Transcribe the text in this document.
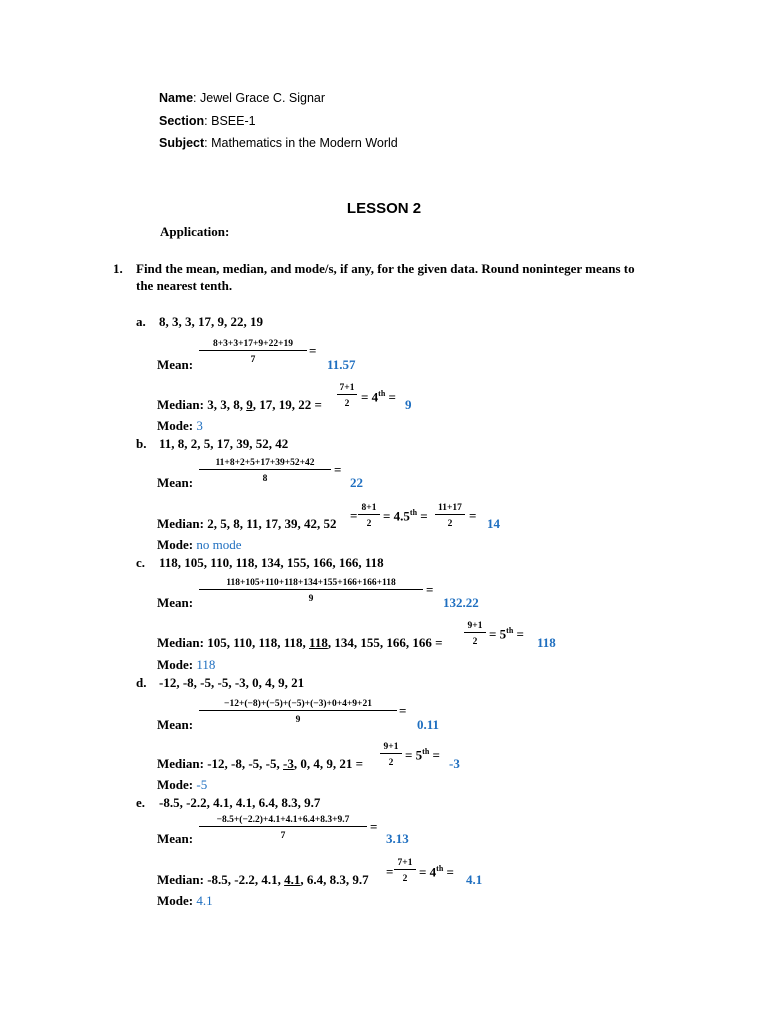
Name: Jewel Grace C. Signar
Section: BSEE-1
Subject: Mathematics in the Modern World
LESSON 2
Application:
1. Find the mean, median, and mode/s, if any, for the given data. Round noninteger means to
the nearest tenth.
a. 8, 3, 3, 17, 9, 22, 19
Mean: $\frac{8+3+3+17+9+22+19}{7}$ =
11.57
Median: 3, 3, 8, 9, 17, 19, $22 = \frac{7+1}{2} = 4th$ =
9
Mode: 3
b. 11, 8, 2, 5, 17, 39, 52, 42
Mean: $\frac{11+8+2+5+17+39+52+42}{8}$ =
22
Median: 2, 5, 8, 11, 17, 39, 42, 52
= $\frac{8+1}{2} = 4.5th = \frac{11+17}{2}$ =
14
Mode: no mode
c. 118, 105, 110, 118, 134, 155, 166, 166, 118
Mean: $\frac{118+105+110+118+134+155+166+166+118}{9}$ =
132.22
Median: 105, 110, 118, 118, 118, 134, 155, 166, $166 = \frac{9+1}{2} = 5th$ =
118
Mode: 118
d. -12, -8, -5, -5, -3, 0, 4, 9, 21
Mean: $\frac{-12+(-8)+(-5)+(-5)+(-3)+0+4+9+21}{9}$ =
0.11
Median: -12, -8, -5, -5, -3, 0, 4, 9, $21 = \frac{9+1}{2} = 5th$ =
-3
Mode: -5
e. -8.5, -2.2, 4.1, 4.1, 6.4, 8.3, 9.7
Mean: $\frac{-8.5+(-2.2)+4.1+4.1+6.4+8.3+9.7}{7}$ =
3.13
Median: -8.5, -2.2, 4.1, 4.1, 6.4, 8.3, 9.7
= $\frac{7+1}{2} = 4th$ =
4.1
Mode: 4.1
